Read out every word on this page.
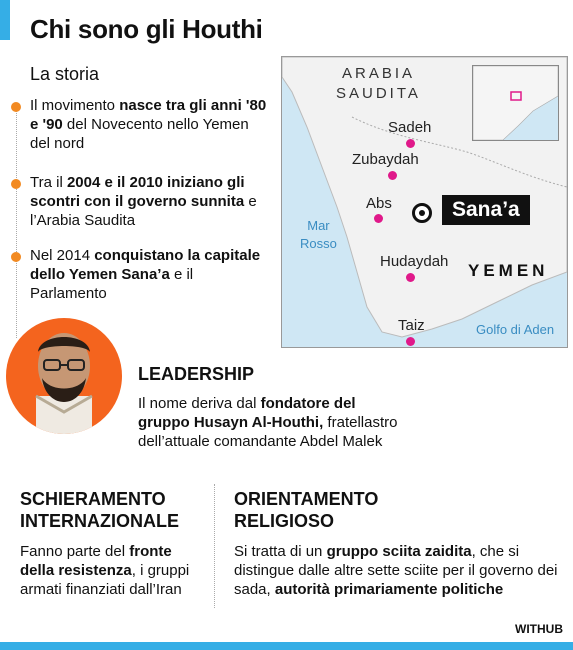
Chi sono gli Houthi
La storia
Il movimento nasce tra gli anni '80 e '90 del Novecento nello Yemen del nord
Tra il 2004 e il 2010 iniziano gli scontri con il governo sunnita e l’Arabia Saudita
Nel 2014 conquistano la capitale dello Yemen Sana’a e il Parlamento
ARABIA
SAUDITA
Sadeh
Zubaydah
Abs	Sana’a
Mar
Rosso
Hudaydah YEMEN
Taiz	Golfo di Aden
LEADERSHIP
Il nome deriva dal fondatore del gruppo Husayn Al-Houthi, fratellastro dell’attuale comandante Abdel Malek
SCHIERAMENTO
INTERNAZIONALE
Fanno parte del fronte della resistenza, i gruppi armati finanziati dall’Iran
ORIENTAMENTO
RELIGIOSO
Si tratta di un gruppo sciita zaidita, che si distingue dalle altre sette sciite per il governo dei sada, autorità primariamente politiche
WITHUB
